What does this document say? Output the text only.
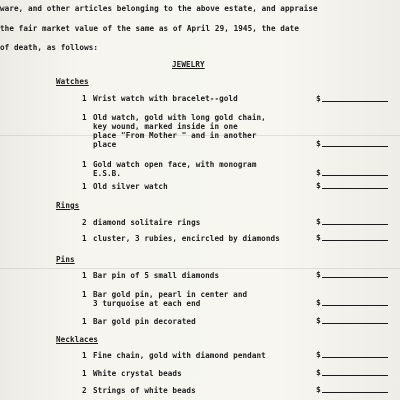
ware, and other articles belonging to the above estate, and appraise
the fair market value of the same as of April 29, 1945, the date
of death, as follows:
JEWELRY
Watches
1 Wrist watch with bracelet--gold	$
1 Old watch, gold with long gold chain,
key wound, marked inside in one
place "From Mother " and in another
place	$
1 Gold watch open face, with monogram
E.S.B.	$
1 Old silver watch	$
Rings
2 diamond solitaire rings	$
1 cluster, 3 rubies, encircled by diamonds	$
Pins
1 Bar pin of 5 small diamonds	$
1 Bar gold pin, pearl in center and
3 turquoise at each end	$
1 Bar gold pin decorated	$
Necklaces
1 Fine chain, gold with diamond pendant	$
1 White crystal beads	$
2 Strings of white beads	$
